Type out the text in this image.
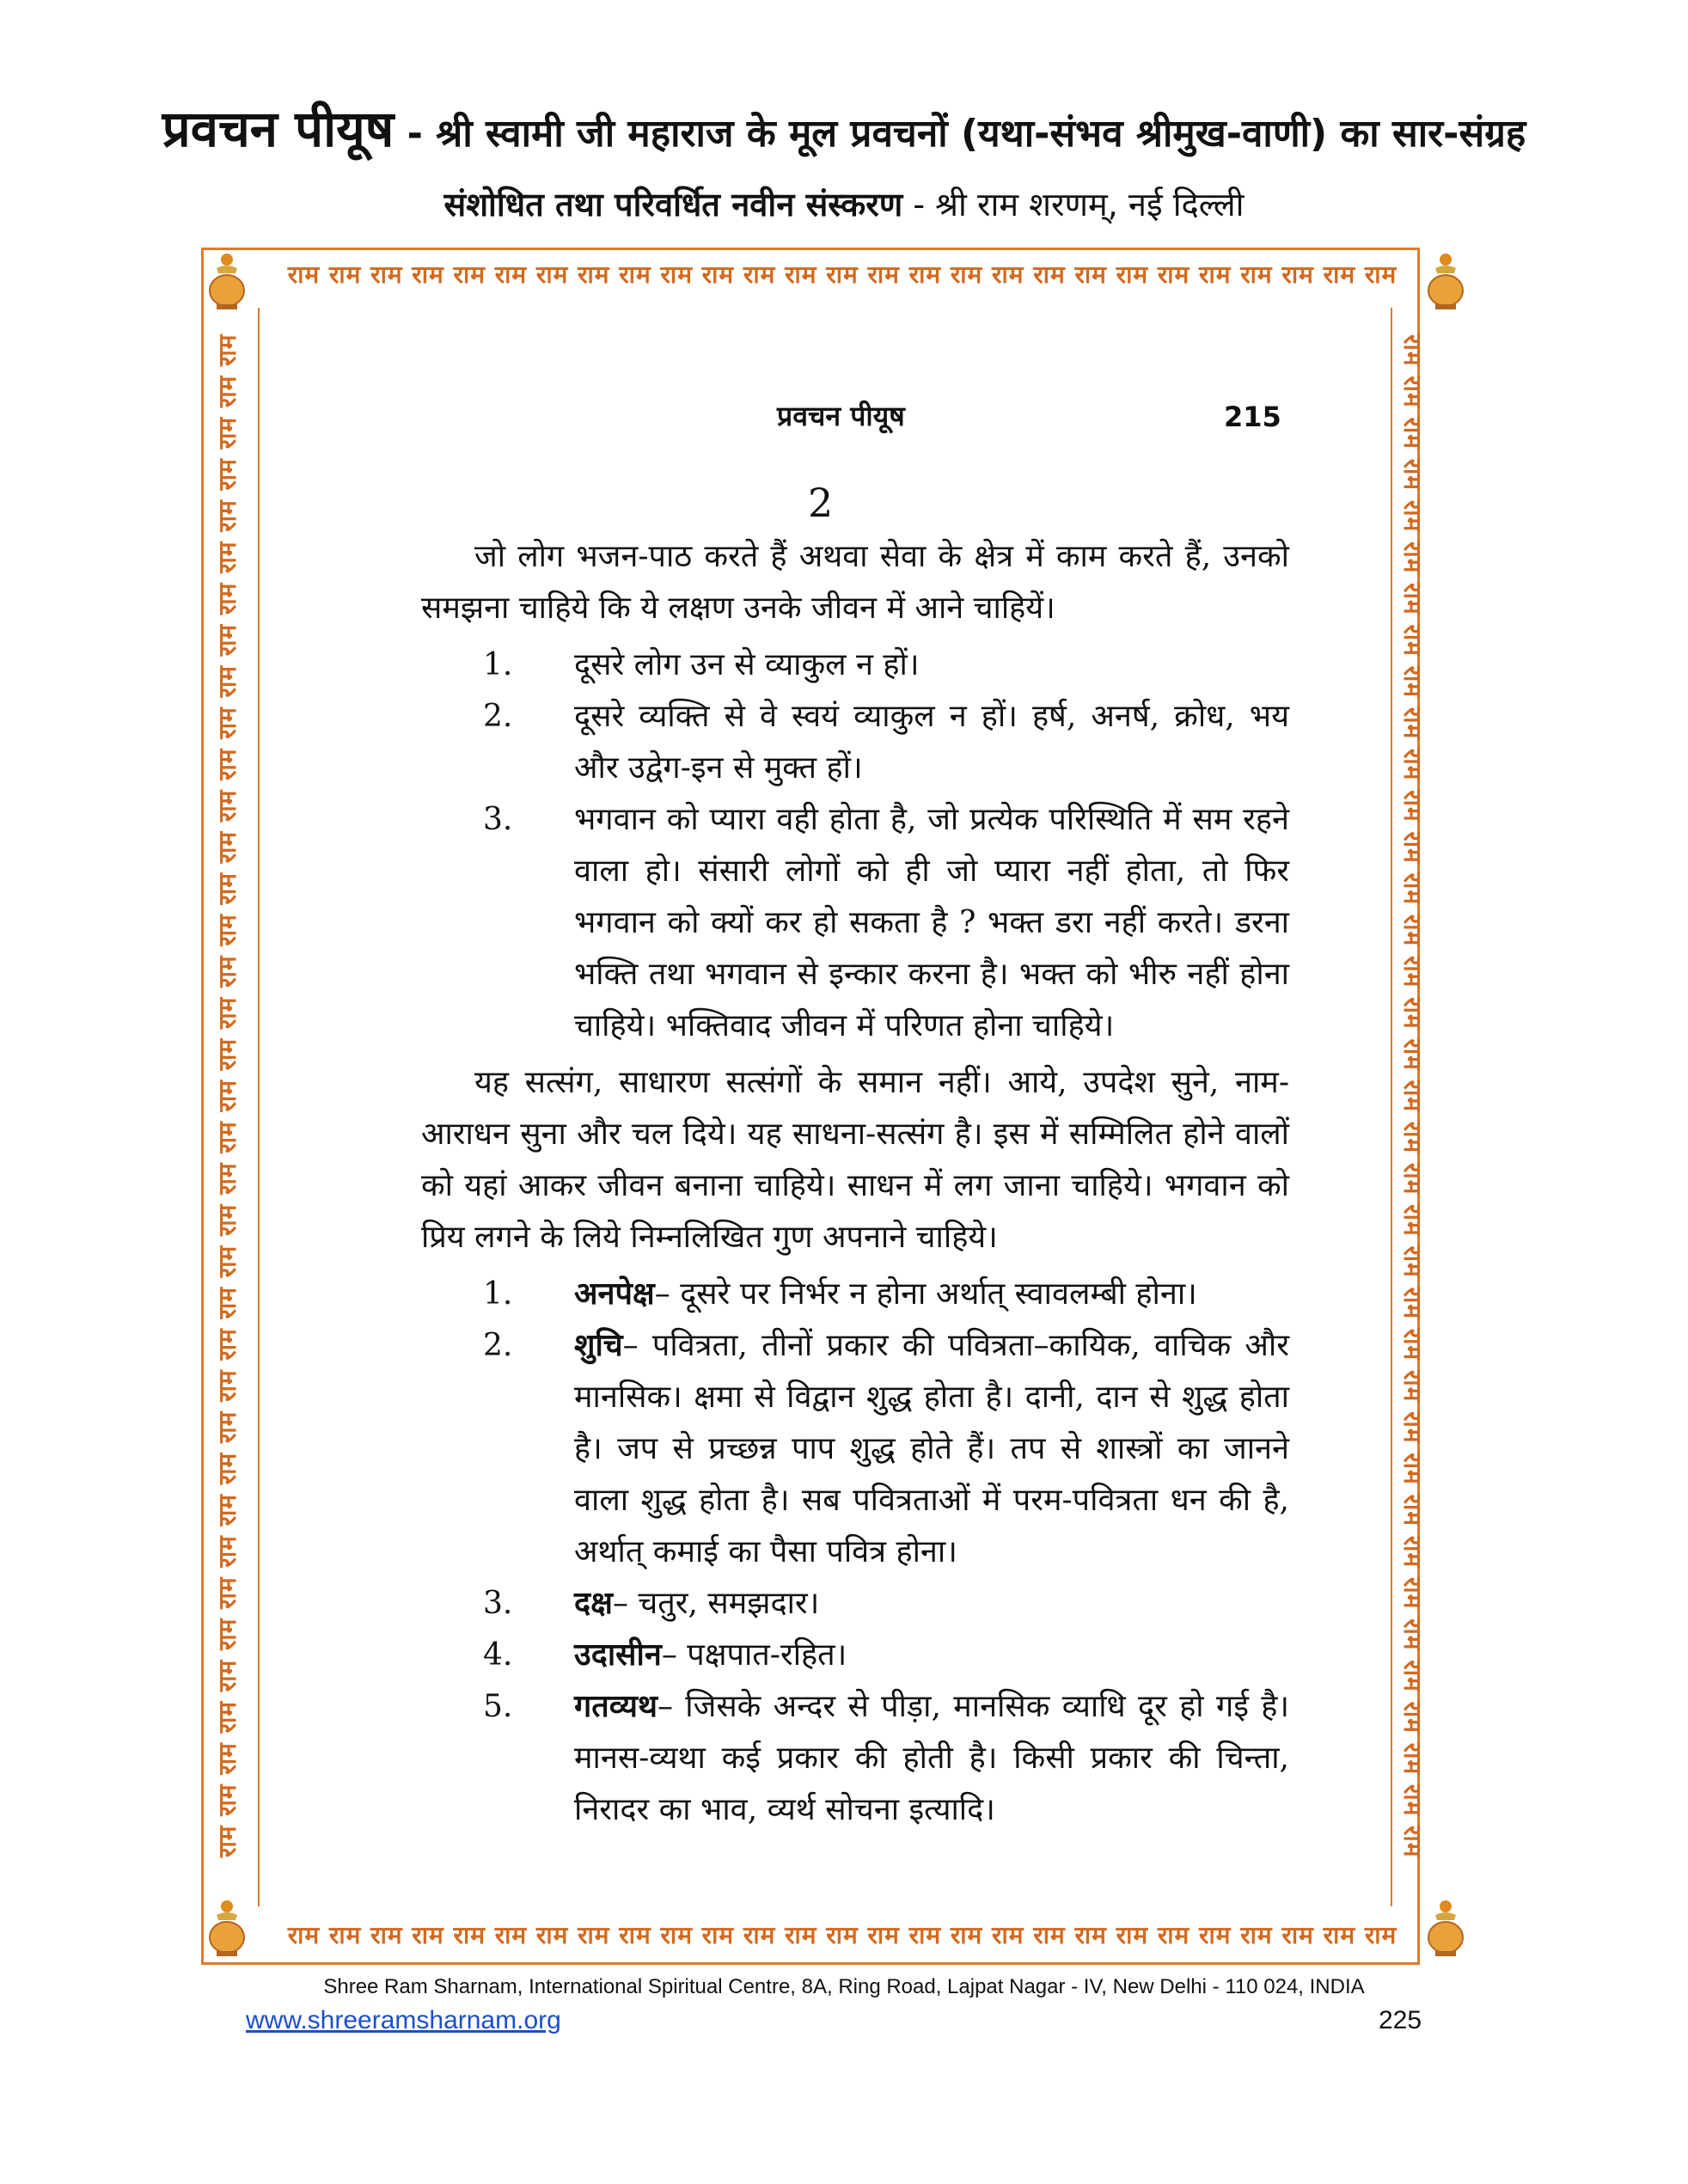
प्रवचन पीयूष - श्री स्वामी जी महाराज के मूल प्रवचनों (यथा-संभव श्रीमुख-वाणी) का सार-संग्रह
संशोधित तथा परिवर्धित नवीन संस्करण - श्री राम शरणम्, नई दिल्ली
राम राम राम राम राम राम राम राम राम राम राम राम राम राम राम राम राम राम राम राम राम राम राम राम राम राम राम
राम राम राम राम राम राम राम राम राम राम राम राम राम राम राम राम राम राम राम राम राम राम राम राम राम राम राम
राम राम राम राम राम राम राम राम राम राम राम राम राम राम राम राम राम राम राम राम राम राम राम राम राम राम राम राम राम राम राम राम राम राम राम राम राम	राम राम राम राम राम राम राम राम राम राम राम राम राम राम राम राम राम राम राम राम राम राम राम राम राम राम राम राम राम राम राम राम राम राम राम राम राम
प्रवचन पीयूष	215
2

जो लोग भजन-पाठ करते हैं अथवा सेवा के क्षेत्र में काम करते हैं, उनको समझना चाहिये कि ये लक्षण उनके जीवन में आने चाहियें।

1. दूसरे लोग उन से व्याकुल न हों।
2. दूसरे व्यक्ति से वे स्वयं व्याकुल न हों। हर्ष, अनर्ष, क्रोध, भय और उद्वेग-इन से मुक्त हों।
3. भगवान को प्यारा वही होता है, जो प्रत्येक परिस्थिति में सम रहने वाला हो। संसारी लोगों को ही जो प्यारा नहीं होता, तो फिर भगवान को क्यों कर हो सकता है ? भक्त डरा नहीं करते। डरना भक्ति तथा भगवान से इन्कार करना है। भक्त को भीरु नहीं होना चाहिये। भक्तिवाद जीवन में परिणत होना चाहिये।

यह सत्संग, साधारण सत्संगों के समान नहीं। आये, उपदेश सुने, नाम-आराधन सुना और चल दिये। यह साधना-सत्संग है। इस में सम्मिलित होने वालों को यहां आकर जीवन बनाना चाहिये। साधन में लग जाना चाहिये। भगवान को प्रिय लगने के लिये निम्नलिखित गुण अपनाने चाहिये।

1. अनपेक्ष– दूसरे पर निर्भर न होना अर्थात् स्वावलम्बी होना।
2. शुचि– पवित्रता, तीनों प्रकार की पवित्रता–कायिक, वाचिक और मानसिक। क्षमा से विद्वान शुद्ध होता है। दानी, दान से शुद्ध होता है। जप से प्रच्छन्न पाप शुद्ध होते हैं। तप से शास्त्रों का जानने वाला शुद्ध होता है। सब पवित्रताओं में परम-पवित्रता धन की है, अर्थात् कमाई का पैसा पवित्र होना।
3. दक्ष– चतुर, समझदार।
4. उदासीन– पक्षपात-रहित।
5. गतव्यथ– जिसके अन्दर से पीड़ा, मानसिक व्याधि दूर हो गई है। मानस-व्यथा कई प्रकार की होती है। किसी प्रकार की चिन्ता, निरादर का भाव, व्यर्थ सोचना इत्यादि।
Shree Ram Sharnam, International Spiritual Centre, 8A, Ring Road, Lajpat Nagar - IV, New Delhi - 110 024, INDIA
www.shreeramsharnam.org	225
